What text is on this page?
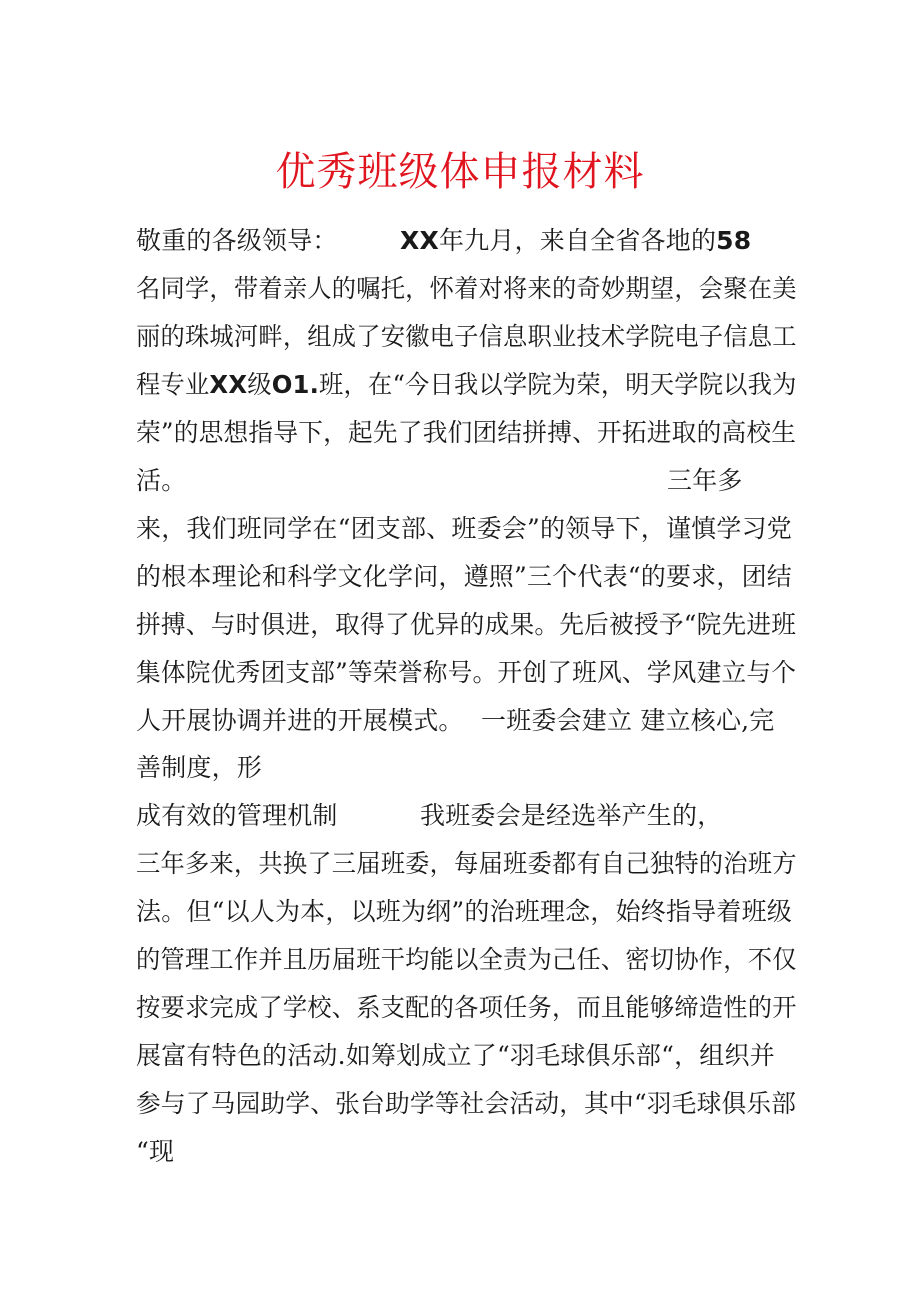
优秀班级体申报材料
敬重的各级领导： XX年九月，来自全省各地的58
名同学，带着亲人的嘱托，怀着对将来的奇妙期望，会聚在美
丽的珠城河畔，组成了安徽电子信息职业技术学院电子信息工
程专业XX级O1.班，在“今日我以学院为荣，明天学院以我为
荣”的思想指导下，起先了我们团结拼搏、开拓进取的高校生
活。	三年多
来，我们班同学在“团支部、班委会”的领导下，谨慎学习党
的根本理论和科学文化学问，遵照”三个代表“的要求，团结
拼搏、与时俱进，取得了优异的成果。先后被授予“院先进班
集体院优秀团支部”等荣誉称号。开创了班风、学风建立与个
人开展协调并进的开展模式。 一班委会建立 建立核心,完
善制度，形
成有效的管理机制	我班委会是经选举产生的，
三年多来，共换了三届班委，每届班委都有自己独特的治班方
法。但“以人为本，以班为纲”的治班理念，始终指导着班级
的管理工作并且历届班干均能以全责为己任、密切协作，不仅
按要求完成了学校、系支配的各项任务，而且能够缔造性的开
展富有特色的活动.如筹划成立了“羽毛球俱乐部“，组织并
参与了马园助学、张台助学等社会活动，其中“羽毛球俱乐部
“现
